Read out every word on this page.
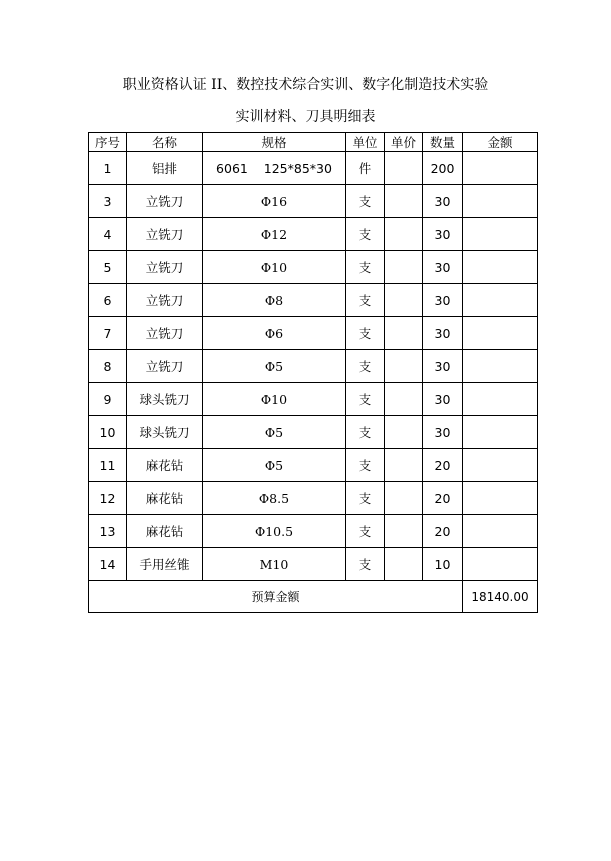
职业资格认证 II、数控技术综合实训、数字化制造技术实验
实训材料、刀具明细表
序号	名称	规格	单位	单价	数量	金额
1	铝排	6061    125*85*30	件		200	
3	立铣刀	Φ16	支		30	
4	立铣刀	Φ12	支		30	
5	立铣刀	Φ10	支		30	
6	立铣刀	Φ8	支		30	
7	立铣刀	Φ6	支		30	
8	立铣刀	Φ5	支		30	
9	球头铣刀	Φ10	支		30	
10	球头铣刀	Φ5	支		30	
11	麻花钻	Φ5	支		20	
12	麻花钻	Φ8.5	支		20	
13	麻花钻	Φ10.5	支		20	
14	手用丝锥	M10	支		10	
预算金额						18140.00
